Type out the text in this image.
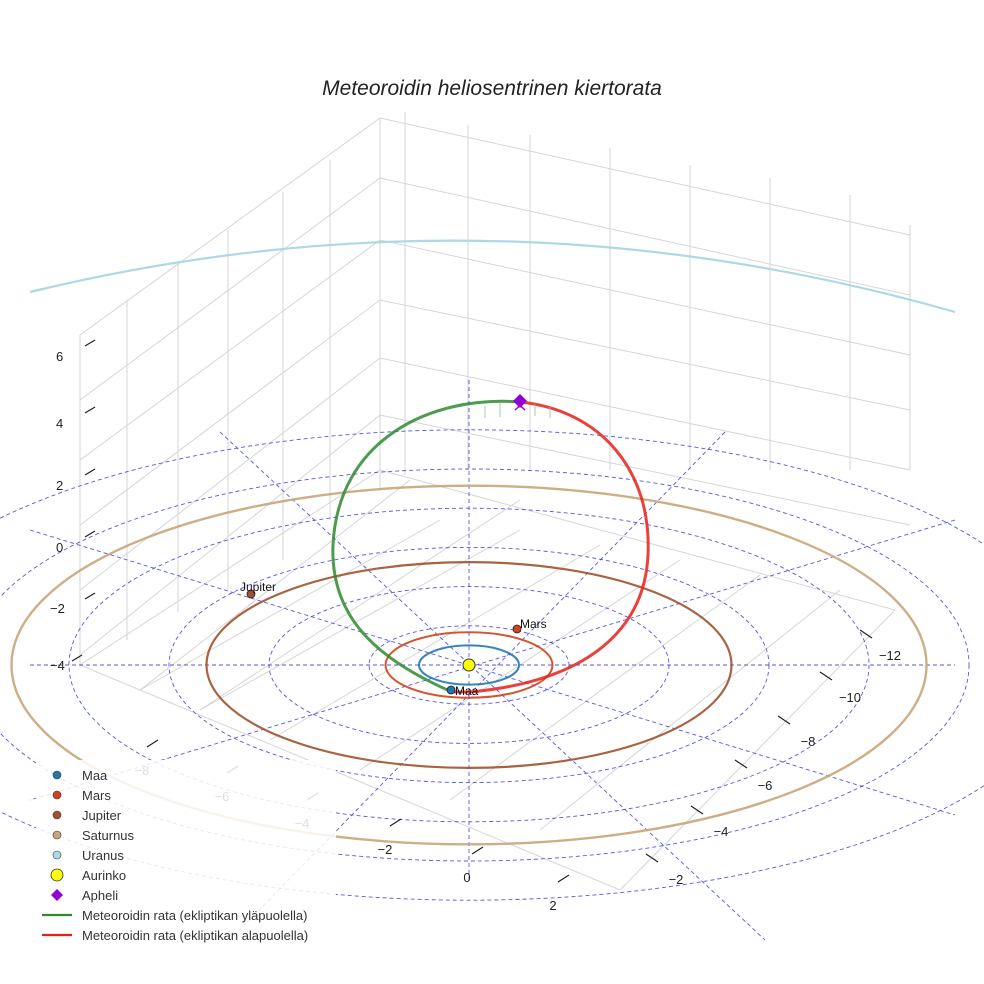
Maa
Mars
Jupiter
−4
−2
0
2
4
6
−2
0
2
−12
−10
−8
−6
−4
−2
Meteoroidin heliosentrinen kiertorata
Maa
Mars
Jupiter
Saturnus
Uranus
Aurinko
Apheli
Meteoroidin rata (ekliptikan yläpuolella)
Meteoroidin rata (ekliptikan alapuolella)
